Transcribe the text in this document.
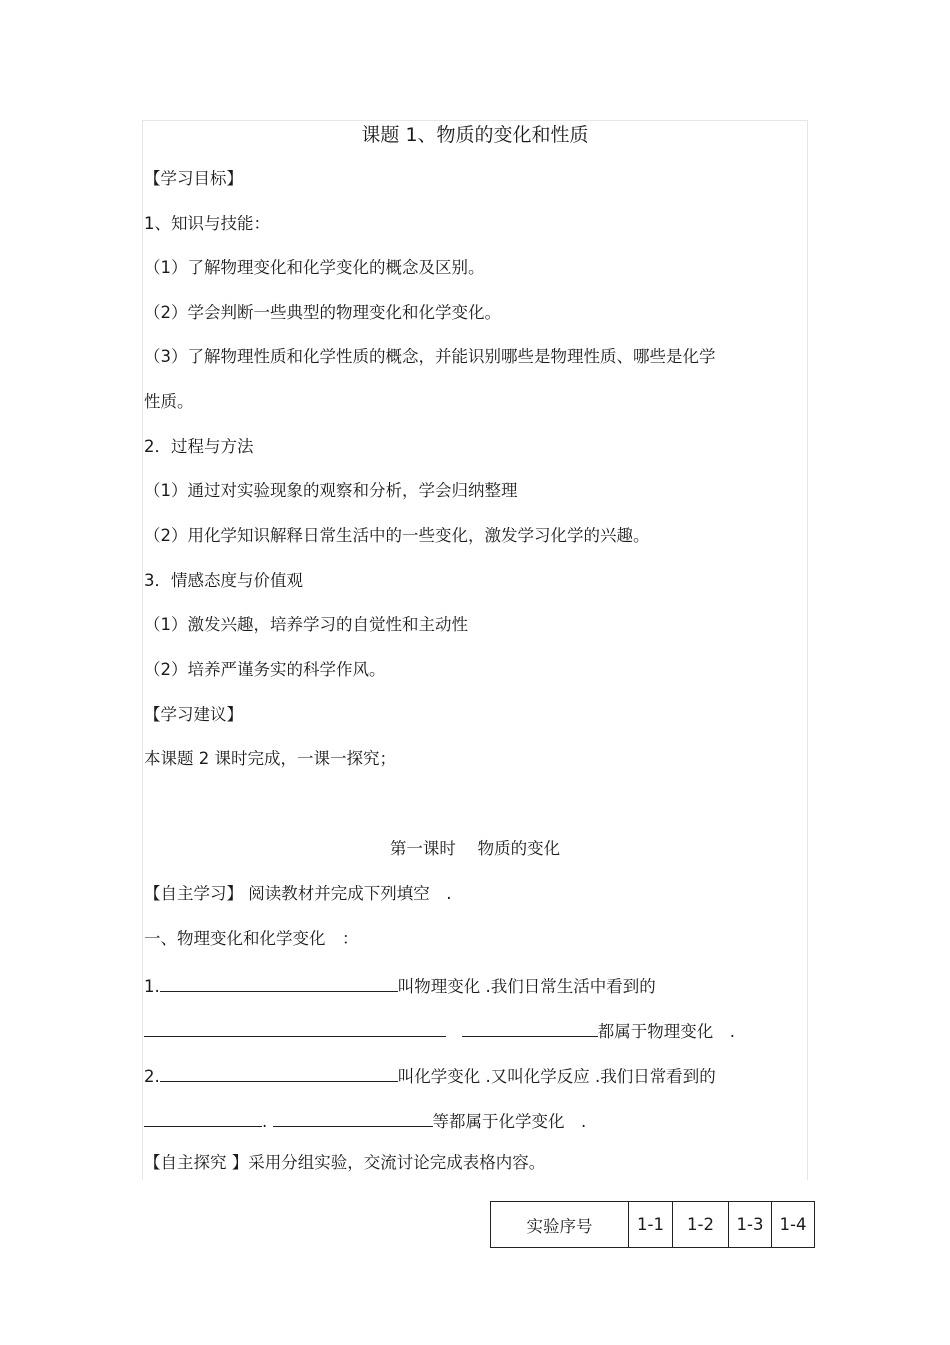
课题 1、物质的变化和性质
【学习目标】
1、知识与技能：
（1）了解物理变化和化学变化的概念及区别。
（2）学会判断一些典型的物理变化和化学变化。
（3）了解物理性质和化学性质的概念，并能识别哪些是物理性质、哪些是化学
性质。
2．过程与方法
（1）通过对实验现象的观察和分析，学会归纳整理
（2）用化学知识解释日常生活中的一些变化，激发学习化学的兴趣。
3．情感态度与价值观
（1）激发兴趣，培养学习的自觉性和主动性
（2）培养严谨务实的科学作风。
【学习建议】
本课题 2 课时完成，一课一探究；
第一课时　 物质的变化
【自主学习】 阅读教材并完成下列填空　.
一、物理变化和化学变化　：
1.	叫物理变化 .我们日常生活中看到的
都属于物理变化　.
2.	叫化学变化 .又叫化学反应 .我们日常看到的
.	等都属于化学变化　.
【自主探究 】采用分组实验，交流讨论完成表格内容。
实验序号	1-1	1-2	1-3	1-4
